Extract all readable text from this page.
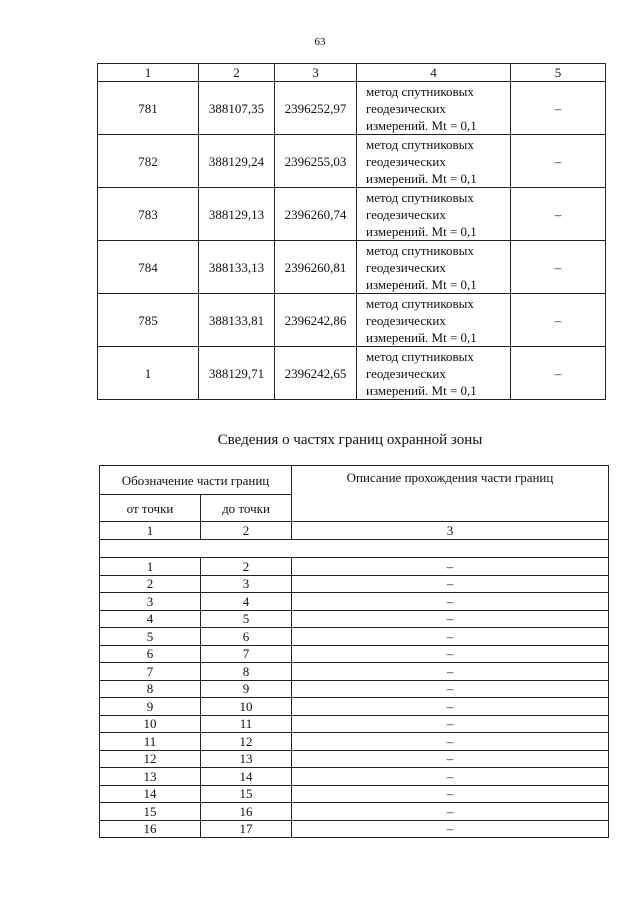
63
1	2	3	4	5
781	388107,35	2396252,97	метод спутниковых
геодезических
измерений. Mt = 0,1	–
782	388129,24	2396255,03	метод спутниковых
геодезических
измерений. Mt = 0,1	–
783	388129,13	2396260,74	метод спутниковых
геодезических
измерений. Mt = 0,1	–
784	388133,13	2396260,81	метод спутниковых
геодезических
измерений. Mt = 0,1	–
785	388133,81	2396242,86	метод спутниковых
геодезических
измерений. Mt = 0,1	–
1	388129,71	2396242,65	метод спутниковых
геодезических
измерений. Mt = 0,1	–
Сведения о частях границ охранной зоны
Обозначение части границ		Описание прохождения части границ
от точки	до точки	
1	2	3

1	2	–
2	3	–
3	4	–
4	5	–
5	6	–
6	7	–
7	8	–
8	9	–
9	10	–
10	11	–
11	12	–
12	13	–
13	14	–
14	15	–
15	16	–
16	17	–
